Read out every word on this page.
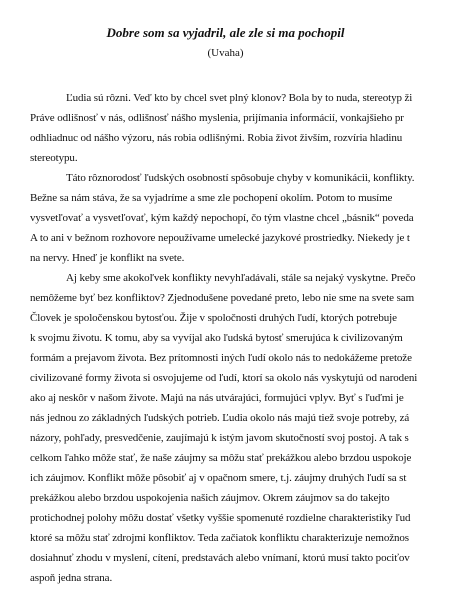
Dobre som sa vyjadril, ale zle si ma pochopil
(Uvaha)
Ľudia sú rôzni. Veď kto by chcel svet plný klonov? Bola by to nuda, stereotyp ži
Práve odlišnosť v nás, odlišnosť nášho myslenia, prijímania informácií, vonkajšieho pr
odhliadnuc od nášho výzoru, nás robia odlišnými. Robia život živším, rozvíria hladinu
stereotypu.
Táto rôznorodosť ľudských osobností spôsobuje chyby v komunikácii, konflikty.
Bežne sa nám stáva, že sa vyjadríme a sme zle pochopení okolím. Potom to musíme
vysvetľovať a vysvetľovať, kým každý nepochopí, čo tým vlastne chcel „básnik“ poveda
A to ani v bežnom rozhovore nepoužívame umelecké jazykové prostriedky. Niekedy je t
na nervy. Hneď je konflikt na svete.
Aj keby sme akokoľvek konflikty nevyhľadávali, stále sa nejaký vyskytne. Prečo
nemôžeme byť bez konfliktov? Zjednodušene povedané preto, lebo nie sme na svete sam
Človek je spoločenskou bytosťou. Žije v spoločnosti druhých ľudí, ktorých potrebuje
k svojmu životu. K tomu, aby sa vyvíjal ako ľudská bytosť smerujúca k civilizovaným
formám a prejavom života. Bez prítomnosti iných ľudí okolo nás to nedokážeme pretože
civilizované formy života si osvojujeme od ľudí, ktorí sa okolo nás vyskytujú od narodeni
ako aj neskôr v našom živote. Majú na nás utvárajúci, formujúci vplyv. Byť s ľuďmi je
nás jednou zo základných ľudských potrieb. Ľudia okolo nás majú tiež svoje potreby, zá
názory, pohľady, presvedčenie, zaujímajú k istým javom skutočností svoj postoj. A tak s
celkom ľahko môže stať, že naše záujmy sa môžu stať prekážkou alebo brzdou uspokoje
ich záujmov. Konflikt môže pôsobiť aj v opačnom smere, t.j. záujmy druhých ľudí sa st
prekážkou alebo brzdou uspokojenia našich záujmov. Okrem záujmov sa do takejto
protichodnej polohy môžu dostať všetky vyššie spomenuté rozdielne charakteristiky ľud
ktoré sa môžu stať zdrojmi konfliktov. Teda začiatok konfliktu charakterizuje nemožnos
dosiahnuť zhodu v myslení, cítení, predstavách alebo vnímaní, ktorú musí takto pociťov
aspoň jedna strana.
